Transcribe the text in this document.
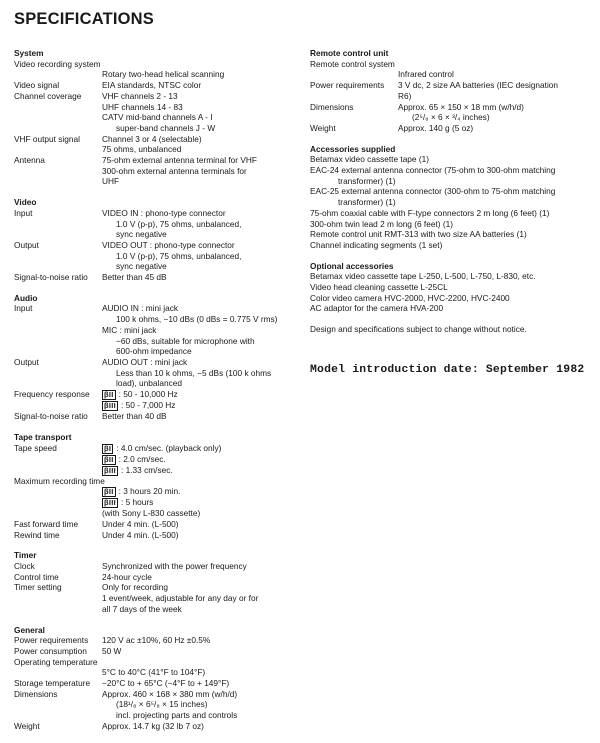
SPECIFICATIONS
System
Video recording system
Rotary two-head helical scanning
Video signal	EIA standards, NTSC color
Channel coverage	VHF channels 2 - 13
UHF channels 14 - 83
CATV mid-band channels A - I
super-band channels J - W
VHF output signal	Channel 3 or 4 (selectable)
75 ohms, unbalanced
Antenna	75-ohm external antenna terminal for VHF
300-ohm external antenna terminals for
UHF
Video
Input	VIDEO IN : phono-type connector
1.0 V (p-p), 75 ohms, unbalanced,
sync negative
Output	VIDEO OUT : phono-type connector
1.0 V (p-p), 75 ohms, unbalanced,
sync negative
Signal-to-noise ratio	Better than 45 dB
Audio
Input	AUDIO IN : mini jack
100 k ohms, −10 dBs (0 dBs = 0.775 V rms)
MIC : mini jack
−60 dBs, suitable for microphone with
600-ohm impedance
Output	AUDIO OUT : mini jack
Less than 10 k ohms, −5 dBs (100 k ohms
load), unbalanced
Frequency response	βII : 50 - 10,000 Hz
βIII : 50 - 7,000 Hz
Signal-to-noise ratio	Better than 40 dB
Tape transport
Tape speed	βI : 4.0 cm/sec. (playback only)
βII : 2.0 cm/sec.
βIII : 1.33 cm/sec.
Maximum recording time
βII : 3 hours 20 min.
βIII : 5 hours
(with Sony L-830 cassette)
Fast forward time	Under 4 min. (L-500)
Rewind time	Under 4 min. (L-500)
Timer
Clock	Synchronized with the power frequency
Control time	24-hour cycle
Timer setting	Only for recording
1 event/week, adjustable for any day or for
all 7 days of the week
General
Power requirements	120 V ac ±10%, 60 Hz ±0.5%
Power consumption	50 W
Operating temperature
5°C to 40°C (41°F to 104°F)
Storage temperature	−20°C to + 65°C (−4°F to + 149°F)
Dimensions	Approx. 460 × 168 × 380 mm (w/h/d)
(18¹/₈ × 6⁵/₈ × 15 inches)
incl. projecting parts and controls
Weight	Approx. 14.7 kg (32 lb 7 oz)
Remote control unit
Remote control system
Infrared control
Power requirements	3 V dc, 2 size AA batteries (IEC designation
R6)
Dimensions	Approx. 65 × 150 × 18 mm (w/h/d)
(2⁵/₈ × 6 × ³/₄ inches)
Weight	Approx. 140 g (5 oz)
Accessories supplied
Betamax video cassette tape (1)
EAC-24 external antenna connector (75-ohm to 300-ohm matching
transformer) (1)
EAC-25 external antenna connector (300-ohm to 75-ohm matching
transformer) (1)
75-ohm coaxial cable with F-type connectors 2 m long (6 feet) (1)
300-ohm twin lead 2 m long (6 feet) (1)
Remote control unit RMT-313 with two size AA batteries (1)
Channel indicating segments (1 set)
Optional accessories
Betamax video cassette tape L-250, L-500, L-750, L-830, etc.
Video head cleaning cassette L-25CL
Color video camera HVC-2000, HVC-2200, HVC-2400
AC adaptor for the camera HVA-200
Design and specifications subject to change without notice.
Model introduction date: September 1982
